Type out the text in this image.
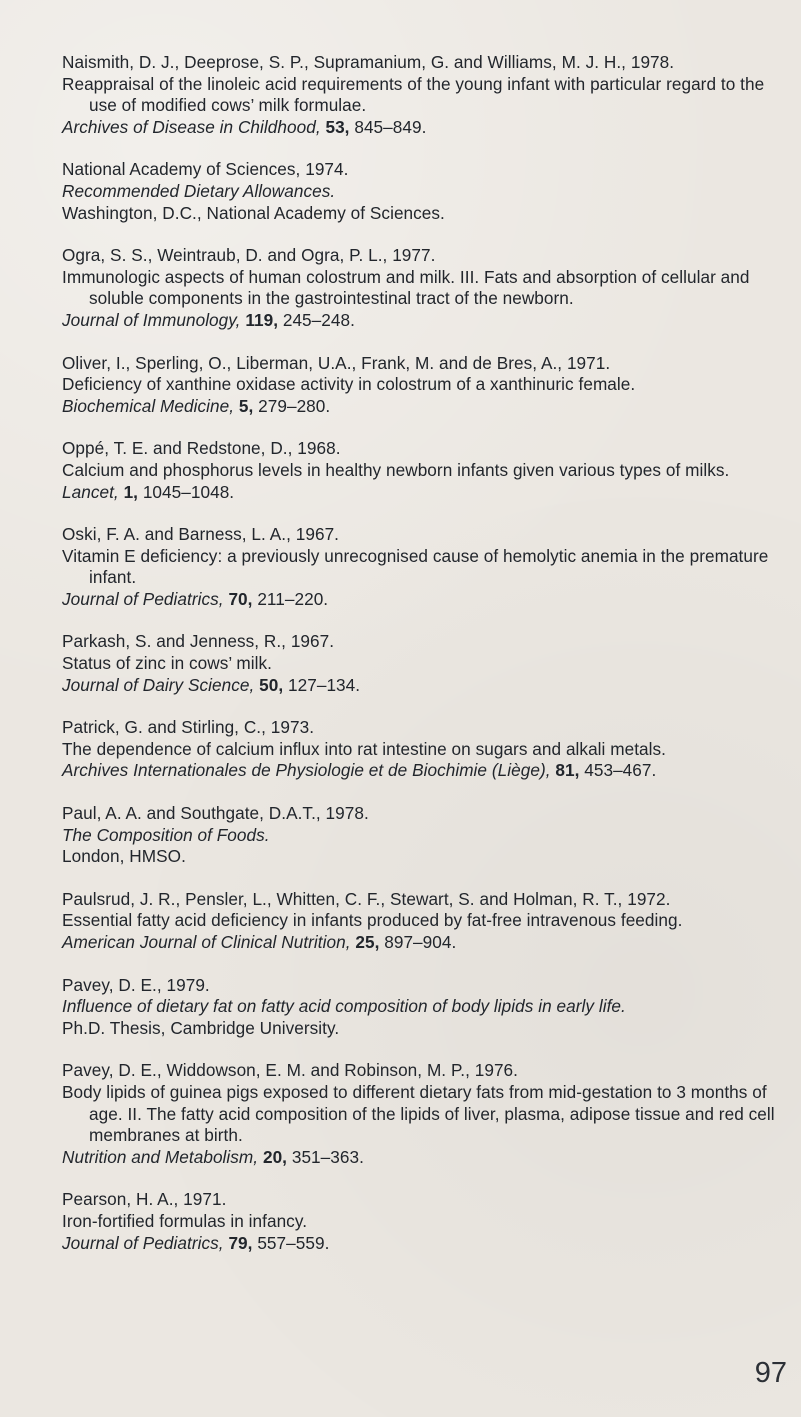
Naismith, D. J., Deeprose, S. P., Supramanium, G. and Williams, M. J. H., 1978.
Reappraisal of the linoleic acid requirements of the young infant with particular regard to the use of modified cows’ milk formulae.
Archives of Disease in Childhood, 53, 845–849.
National Academy of Sciences, 1974.
Recommended Dietary Allowances.
Washington, D.C., National Academy of Sciences.
Ogra, S. S., Weintraub, D. and Ogra, P. L., 1977.
Immunologic aspects of human colostrum and milk. III. Fats and absorption of cellular and soluble components in the gastrointestinal tract of the newborn.
Journal of Immunology, 119, 245–248.
Oliver, I., Sperling, O., Liberman, U.A., Frank, M. and de Bres, A., 1971.
Deficiency of xanthine oxidase activity in colostrum of a xanthinuric female.
Biochemical Medicine, 5, 279–280.
Oppé, T. E. and Redstone, D., 1968.
Calcium and phosphorus levels in healthy newborn infants given various types of milks.
Lancet, 1, 1045–1048.
Oski, F. A. and Barness, L. A., 1967.
Vitamin E deficiency: a previously unrecognised cause of hemolytic anemia in the premature infant.
Journal of Pediatrics, 70, 211–220.
Parkash, S. and Jenness, R., 1967.
Status of zinc in cows’ milk.
Journal of Dairy Science, 50, 127–134.
Patrick, G. and Stirling, C., 1973.
The dependence of calcium influx into rat intestine on sugars and alkali metals.
Archives Internationales de Physiologie et de Biochimie (Liège), 81, 453–467.
Paul, A. A. and Southgate, D.A.T., 1978.
The Composition of Foods.
London, HMSO.
Paulsrud, J. R., Pensler, L., Whitten, C. F., Stewart, S. and Holman, R. T., 1972.
Essential fatty acid deficiency in infants produced by fat-free intravenous feeding.
American Journal of Clinical Nutrition, 25, 897–904.
Pavey, D. E., 1979.
Influence of dietary fat on fatty acid composition of body lipids in early life.
Ph.D. Thesis, Cambridge University.
Pavey, D. E., Widdowson, E. M. and Robinson, M. P., 1976.
Body lipids of guinea pigs exposed to different dietary fats from mid-gestation to 3 months of age. II. The fatty acid composition of the lipids of liver, plasma, adipose tissue and red cell membranes at birth.
Nutrition and Metabolism, 20, 351–363.
Pearson, H. A., 1971.
Iron-fortified formulas in infancy.
Journal of Pediatrics, 79, 557–559.
97
